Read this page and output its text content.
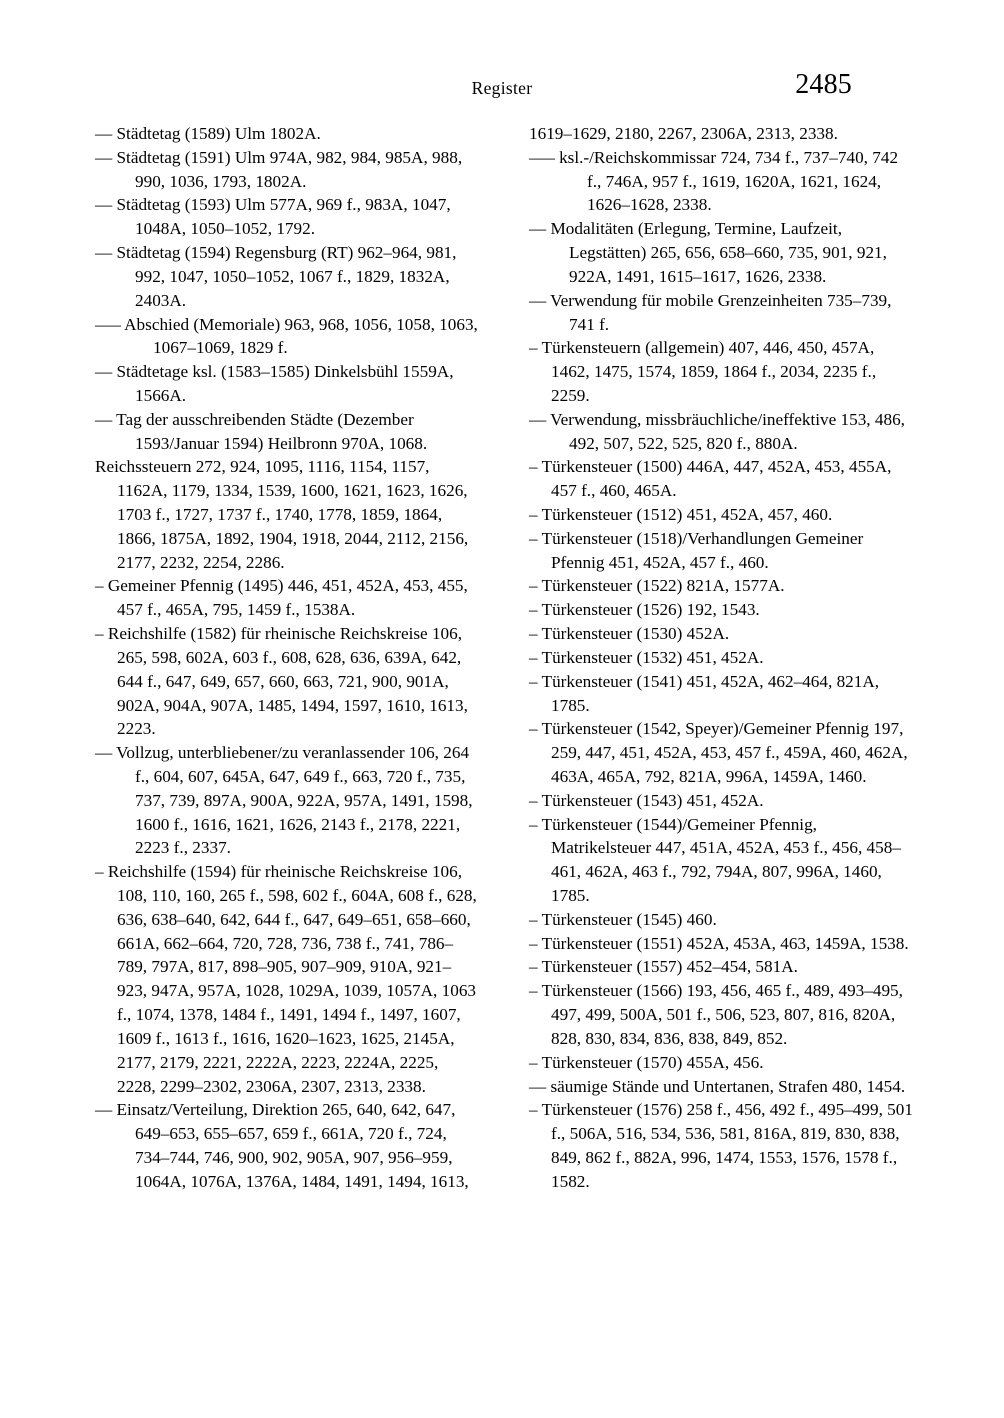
Register	2485

–– Städtetag (1589) Ulm 1802A.

–– Städtetag (1591) Ulm 974A, 982, 984, 985A, 988, 990, 1036, 1793, 1802A.

–– Städtetag (1593) Ulm 577A, 969 f., 983A, 1047, 1048A, 1050–1052, 1792.

–– Städtetag (1594) Regensburg (RT) 962–964, 981, 992, 1047, 1050–1052, 1067 f., 1829, 1832A, 2403A.

––– Abschied (Memoriale) 963, 968, 1056, 1058, 1063, 1067–1069, 1829 f.

–– Städtetage ksl. (1583–1585) Dinkelsbühl 1559A, 1566A.

–– Tag der ausschreibenden Städte (Dezember 1593/Januar 1594) Heilbronn 970A, 1068.

Reichssteuern 272, 924, 1095, 1116, 1154, 1157, 1162A, 1179, 1334, 1539, 1600, 1621, 1623, 1626, 1703 f., 1727, 1737 f., 1740, 1778, 1859, 1864, 1866, 1875A, 1892, 1904, 1918, 2044, 2112, 2156, 2177, 2232, 2254, 2286.

– Gemeiner Pfennig (1495) 446, 451, 452A, 453, 455, 457 f., 465A, 795, 1459 f., 1538A.

– Reichshilfe (1582) für rheinische Reichskreise 106, 265, 598, 602A, 603 f., 608, 628, 636, 639A, 642, 644 f., 647, 649, 657, 660, 663, 721, 900, 901A, 902A, 904A, 907A, 1485, 1494, 1597, 1610, 1613, 2223.

–– Vollzug, unterbliebener/zu veranlassender 106, 264 f., 604, 607, 645A, 647, 649 f., 663, 720 f., 735, 737, 739, 897A, 900A, 922A, 957A, 1491, 1598, 1600 f., 1616, 1621, 1626, 2143 f., 2178, 2221, 2223 f., 2337.

– Reichshilfe (1594) für rheinische Reichskreise 106, 108, 110, 160, 265 f., 598, 602 f., 604A, 608 f., 628, 636, 638–640, 642, 644 f., 647, 649–651, 658–660, 661A, 662–664, 720, 728, 736, 738 f., 741, 786–789, 797A, 817, 898–905, 907–909, 910A, 921–923, 947A, 957A, 1028, 1029A, 1039, 1057A, 1063 f., 1074, 1378, 1484 f., 1491, 1494 f., 1497, 1607, 1609 f., 1613 f., 1616, 1620–1623, 1625, 2145A, 2177, 2179, 2221, 2222A, 2223, 2224A, 2225, 2228, 2299–2302, 2306A, 2307, 2313, 2338.

–– Einsatz/Verteilung, Direktion 265, 640, 642, 647, 649–653, 655–657, 659 f., 661A, 720 f., 724, 734–744, 746, 900, 902, 905A, 907, 956–959, 1064A, 1076A, 1376A, 1484, 1491, 1494, 1613,

1619–1629, 2180, 2267, 2306A, 2313, 2338.

––– ksl.-/Reichskommissar 724, 734 f., 737–740, 742 f., 746A, 957 f., 1619, 1620A, 1621, 1624, 1626–1628, 2338.

–– Modalitäten (Erlegung, Termine, Laufzeit, Legstätten) 265, 656, 658–660, 735, 901, 921, 922A, 1491, 1615–1617, 1626, 2338.

–– Verwendung für mobile Grenzeinheiten 735–739, 741 f.

– Türkensteuern (allgemein) 407, 446, 450, 457A, 1462, 1475, 1574, 1859, 1864 f., 2034, 2235 f., 2259.

–– Verwendung, missbräuchliche/ineffektive 153, 486, 492, 507, 522, 525, 820 f., 880A.

– Türkensteuer (1500) 446A, 447, 452A, 453, 455A, 457 f., 460, 465A.

– Türkensteuer (1512) 451, 452A, 457, 460.

– Türkensteuer (1518)/Verhandlungen Gemeiner Pfennig 451, 452A, 457 f., 460.

– Türkensteuer (1522) 821A, 1577A.

– Türkensteuer (1526) 192, 1543.

– Türkensteuer (1530) 452A.

– Türkensteuer (1532) 451, 452A.

– Türkensteuer (1541) 451, 452A, 462–464, 821A, 1785.

– Türkensteuer (1542, Speyer)/Gemeiner Pfennig 197, 259, 447, 451, 452A, 453, 457 f., 459A, 460, 462A, 463A, 465A, 792, 821A, 996A, 1459A, 1460.

– Türkensteuer (1543) 451, 452A.

– Türkensteuer (1544)/Gemeiner Pfennig, Matrikelsteuer 447, 451A, 452A, 453 f., 456, 458–461, 462A, 463 f., 792, 794A, 807, 996A, 1460, 1785.

– Türkensteuer (1545) 460.

– Türkensteuer (1551) 452A, 453A, 463, 1459A, 1538.

– Türkensteuer (1557) 452–454, 581A.

– Türkensteuer (1566) 193, 456, 465 f., 489, 493–495, 497, 499, 500A, 501 f., 506, 523, 807, 816, 820A, 828, 830, 834, 836, 838, 849, 852.

– Türkensteuer (1570) 455A, 456.

–– säumige Stände und Untertanen, Strafen 480, 1454.

– Türkensteuer (1576) 258 f., 456, 492 f., 495–499, 501 f., 506A, 516, 534, 536, 581, 816A, 819, 830, 838, 849, 862 f., 882A, 996, 1474, 1553, 1576, 1578 f., 1582.
